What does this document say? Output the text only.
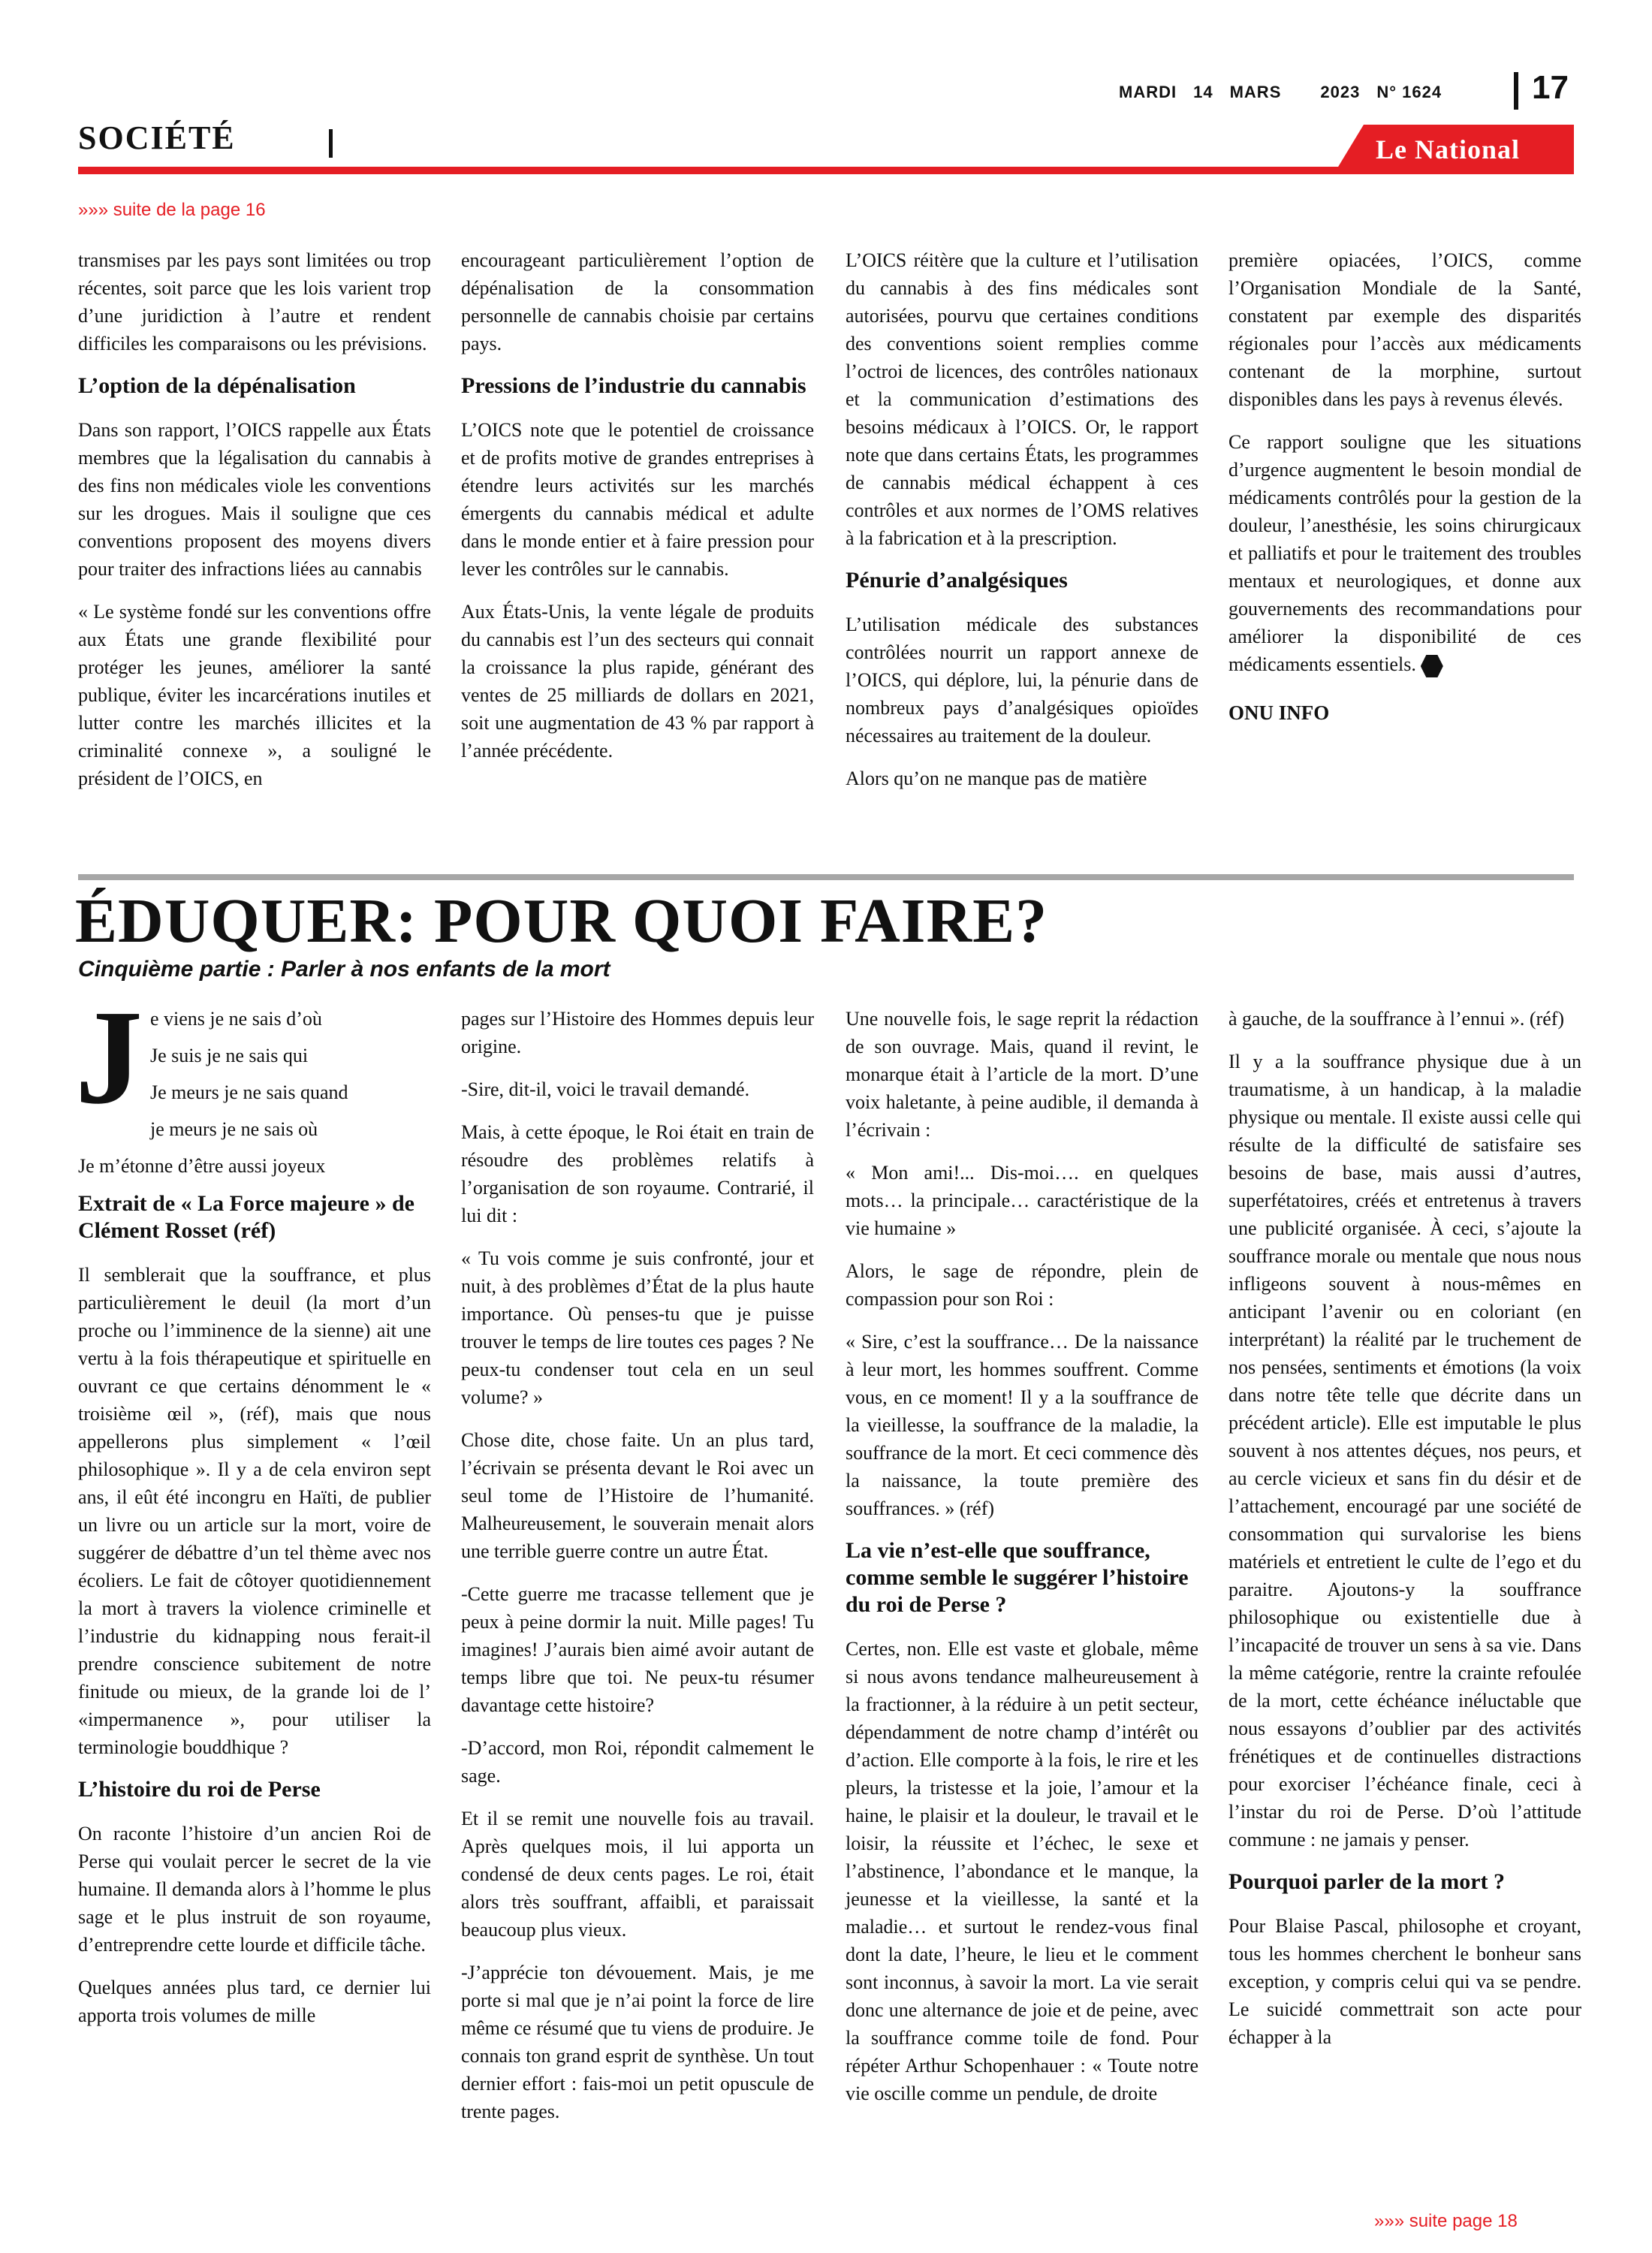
MARDI 14 MARS 2023 N° 1624	17
SOCIÉTÉ	Le National
»»» suite de la page 16

transmises par les pays sont limitées ou trop récentes, soit parce que les lois varient trop d’une juridiction à l’autre et rendent difficiles les comparaisons ou les prévisions.

L’option de la dépénalisation

Dans son rapport, l’OICS rappelle aux États membres que la légalisation du cannabis à des fins non médicales viole les conventions sur les drogues. Mais il souligne que ces conventions proposent des moyens divers pour traiter des infractions liées au cannabis

« Le système fondé sur les conventions offre aux États une grande flexibilité pour protéger les jeunes, améliorer la santé publique, éviter les incarcérations inutiles et lutter contre les marchés illicites et la criminalité connexe », a souligné le président de l’OICS, en

encourageant particulièrement l’option de dépénalisation de la consommation personnelle de cannabis choisie par certains pays.

Pressions de l’industrie du cannabis

L’OICS note que le potentiel de croissance et de profits motive de grandes entreprises à étendre leurs activités sur les marchés émergents du cannabis médical et adulte dans le monde entier et à faire pression pour lever les contrôles sur le cannabis.

Aux États-Unis, la vente légale de produits du cannabis est l’un des secteurs qui connait la croissance la plus rapide, générant des ventes de 25 milliards de dollars en 2021, soit une augmentation de 43 % par rapport à l’année précédente.

L’OICS réitère que la culture et l’utilisation du cannabis à des fins médicales sont autorisées, pourvu que certaines conditions des conventions soient remplies comme l’octroi de licences, des contrôles nationaux et la communication d’estimations des besoins médicaux à l’OICS. Or, le rapport note que dans certains États, les programmes de cannabis médical échappent à ces contrôles et aux normes de l’OMS relatives à la fabrication et à la prescription.

Pénurie d’analgésiques

L’utilisation médicale des substances contrôlées nourrit un rapport annexe de l’OICS, qui déplore, lui, la pénurie dans de nombreux pays d’analgésiques opioïdes nécessaires au traitement de la douleur.

Alors qu’on ne manque pas de matière

première opiacées, l’OICS, comme l’Organisation Mondiale de la Santé, constatent par exemple des disparités régionales pour l’accès aux médicaments contenant de la morphine, surtout disponibles dans les pays à revenus élevés.

Ce rapport souligne que les situations d’urgence augmentent le besoin mondial de médicaments contrôlés pour la gestion de la douleur, l’anesthésie, les soins chirurgicaux et palliatifs et pour le traitement des troubles mentaux et neurologiques, et donne aux gouvernements des recommandations pour améliorer la disponibilité de ces médicaments essentiels.

ONU INFO
ÉDUQUER: POUR QUOI FAIRE?
Cinquième partie : Parler à nos enfants de la mort
J e viens je ne sais d’où

Je suis je ne sais qui

Je meurs je ne sais quand

je meurs je ne sais où

Je m’étonne d’être aussi joyeux

Extrait de « La Force majeure » de Clément Rosset (réf)

Il semblerait que la souffrance, et plus particulièrement le deuil (la mort d’un proche ou l’imminence de la sienne) ait une vertu à la fois thérapeutique et spirituelle en ouvrant ce que certains dénomment le « troisième œil », (réf), mais que nous appellerons plus simplement « l’œil philosophique ». Il y a de cela environ sept ans, il eût été incongru en Haïti, de publier un livre ou un article sur la mort, voire de suggérer de débattre d’un tel thème avec nos écoliers. Le fait de côtoyer quotidiennement la mort à travers la violence criminelle et l’industrie du kidnapping nous ferait-il prendre conscience subitement de notre finitude ou mieux, de la grande loi de l’ «impermanence », pour utiliser la terminologie bouddhique ?

L’histoire du roi de Perse

On raconte l’histoire d’un ancien Roi de Perse qui voulait percer le secret de la vie humaine. Il demanda alors à l’homme le plus sage et le plus instruit de son royaume, d’entreprendre cette lourde et difficile tâche.

Quelques années plus tard, ce dernier lui apporta trois volumes de mille

pages sur l’Histoire des Hommes depuis leur origine.

-Sire, dit-il, voici le travail demandé.

Mais, à cette époque, le Roi était en train de résoudre des problèmes relatifs à l’organisation de son royaume. Contrarié, il lui dit :

« Tu vois comme je suis confronté, jour et nuit, à des problèmes d’État de la plus haute importance. Où penses-tu que je puisse trouver le temps de lire toutes ces pages ? Ne peux-tu condenser tout cela en un seul volume? »

Chose dite, chose faite. Un an plus tard, l’écrivain se présenta devant le Roi avec un seul tome de l’Histoire de l’humanité. Malheureusement, le souverain menait alors une terrible guerre contre un autre État.

-Cette guerre me tracasse tellement que je peux à peine dormir la nuit. Mille pages! Tu imagines! J’aurais bien aimé avoir autant de temps libre que toi. Ne peux-tu résumer davantage cette histoire?

-D’accord, mon Roi, répondit calmement le sage.

Et il se remit une nouvelle fois au travail. Après quelques mois, il lui apporta un condensé de deux cents pages. Le roi, était alors très souffrant, affaibli, et paraissait beaucoup plus vieux.

-J’apprécie ton dévouement. Mais, je me porte si mal que je n’ai point la force de lire même ce résumé que tu viens de produire. Je connais ton grand esprit de synthèse. Un tout dernier effort : fais-moi un petit opuscule de trente pages.

Une nouvelle fois, le sage reprit la rédaction de son ouvrage. Mais, quand il revint, le monarque était à l’article de la mort. D’une voix haletante, à peine audible, il demanda à l’écrivain :

« Mon ami!... Dis-moi…. en quelques mots… la principale… caractéristique de la vie humaine »

Alors, le sage de répondre, plein de compassion pour son Roi :

« Sire, c’est la souffrance… De la naissance à leur mort, les hommes souffrent. Comme vous, en ce moment! Il y a la souffrance de la vieillesse, la souffrance de la maladie, la souffrance de la mort. Et ceci commence dès la naissance, la toute première des souffrances. » (réf)

La vie n’est-elle que souffrance, comme semble le suggérer l’histoire du roi de Perse ?

Certes, non. Elle est vaste et globale, même si nous avons tendance malheureusement à la fractionner, à la réduire à un petit secteur, dépendamment de notre champ d’intérêt ou d’action. Elle comporte à la fois, le rire et les pleurs, la tristesse et la joie, l’amour et la haine, le plaisir et la douleur, le travail et le loisir, la réussite et l’échec, le sexe et l’abstinence, l’abondance et le manque, la jeunesse et la vieillesse, la santé et la maladie… et surtout le rendez-vous final dont la date, l’heure, le lieu et le comment sont inconnus, à savoir la mort. La vie serait donc une alternance de joie et de peine, avec la souffrance comme toile de fond. Pour répéter Arthur Schopenhauer : « Toute notre vie oscille comme un pendule, de droite

à gauche, de la souffrance à l’ennui ». (réf)

Il y a la souffrance physique due à un traumatisme, à un handicap, à la maladie physique ou mentale. Il existe aussi celle qui résulte de la difficulté de satisfaire ses besoins de base, mais aussi d’autres, superfétatoires, créés et entretenus à travers une publicité organisée. À ceci, s’ajoute la souffrance morale ou mentale que nous nous infligeons souvent à nous-mêmes en anticipant l’avenir ou en coloriant (en interprétant) la réalité par le truchement de nos pensées, sentiments et émotions (la voix dans notre tête telle que décrite dans un précédent article). Elle est imputable le plus souvent à nos attentes déçues, nos peurs, et au cercle vicieux et sans fin du désir et de l’attachement, encouragé par une société de consommation qui survalorise les biens matériels et entretient le culte de l’ego et du paraitre. Ajoutons-y la souffrance philosophique ou existentielle due à l’incapacité de trouver un sens à sa vie. Dans la même catégorie, rentre la crainte refoulée de la mort, cette échéance inéluctable que nous essayons d’oublier par des activités frénétiques et de continuelles distractions pour exorciser l’échéance finale, ceci à l’instar du roi de Perse. D’où l’attitude commune : ne jamais y penser.

Pourquoi parler de la mort ?

Pour Blaise Pascal, philosophe et croyant, tous les hommes cherchent le bonheur sans exception, y compris celui qui va se pendre. Le suicidé commettrait son acte pour échapper à la

»»» suite page 18
